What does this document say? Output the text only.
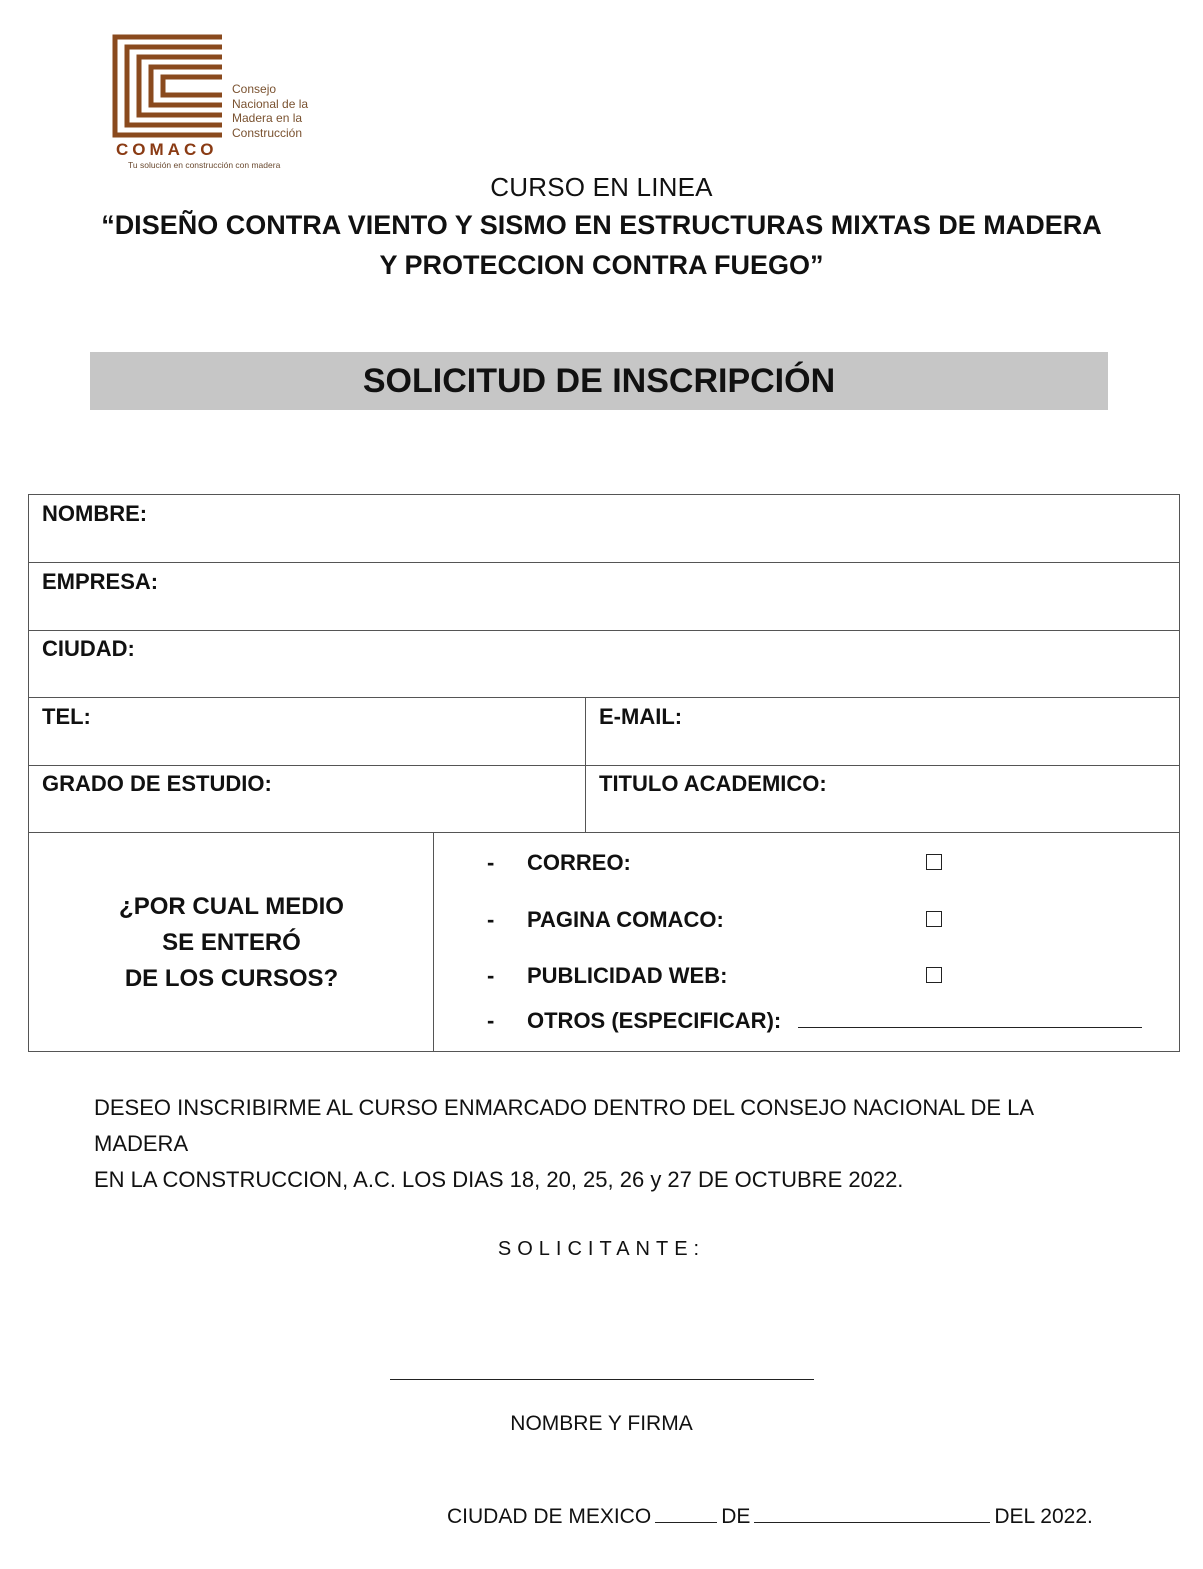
Consejo
Nacional de la
Madera en la
Construcción
COMACO
Tu solución en construcción con madera
CURSO EN LINEA
“DISEÑO CONTRA VIENTO Y SISMO EN ESTRUCTURAS MIXTAS DE MADERA
Y PROTECCION CONTRA FUEGO”
SOLICITUD DE INSCRIPCIÓN
NOMBRE:
EMPRESA:
CIUDAD:
TEL:	E-MAIL:
GRADO DE ESTUDIO:	TITULO ACADEMICO:
¿POR CUAL MEDIO
SE ENTERÓ
DE LOS CURSOS?
- CORREO:
- PAGINA COMACO:
- PUBLICIDAD WEB:
- OTROS (ESPECIFICAR):
DESEO INSCRIBIRME AL CURSO ENMARCADO DENTRO DEL CONSEJO NACIONAL DE LA MADERA
EN LA CONSTRUCCION, A.C. LOS DIAS 18, 20, 25, 26 y 27 DE OCTUBRE 2022.
SOLICITANTE:
NOMBRE Y FIRMA
CIUDAD DE MEXICO	DE	DEL 2022.
